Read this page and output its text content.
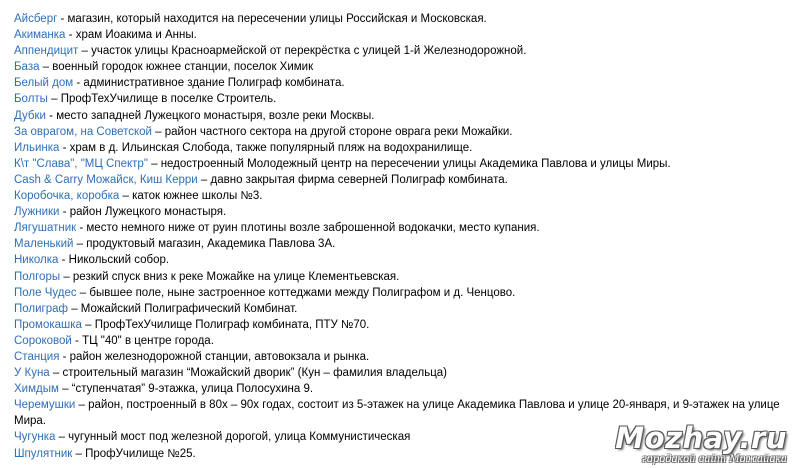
Айсберг - магазин, который находится на пересечении улицы Российская и Московская.
Акиманка - храм Иоакима и Анны.
Аппендицит – участок улицы Красноармейской от перекрёстка с улицей 1-й Железнодорожной.
База – военный городок южнее станции, поселок Химик
Белый дом - административное здание Полиграф комбината.
Болты – ПрофТехУчилище в поселке Строитель.
Дубки - место западней Лужецкого монастыря, возле реки Москвы.
За оврагом, на Советской – район частного сектора на другой стороне оврага реки Можайки.
Ильинка - храм в д. Ильинская Слобода, также популярный пляж на водохранилище.
К\т "Слава", "МЦ Спектр" – недостроенный Молодежный центр на пересечении улицы Академика Павлова и улицы Миры.
Cash & Carry Можайск, Киш Керри – давно закрытая фирма северней Полиграф комбината.
Коробочка, коробка – каток южнее школы №3.
Лужники - район Лужецкого монастыря.
Лягушатник - место немного ниже от руин плотины возле заброшенной водокачки, место купания.
Маленький – продуктовый магазин, Академика Павлова 3А.
Николка - Никольский собор.
Полгоры – резкий спуск вниз к реке Можайке на улице Клементьевская.
Поле Чудес – бывшее поле, ныне застроенное коттеджами между Полиграфом и д. Ченцово.
Полиграф – Можайский Полиграфический Комбинат.
Промокашка – ПрофТехУчилище Полиграф комбината, ПТУ №70.
Сороковой - ТЦ "40" в центре города.
Станция - район железнодорожной станции, автовокзала и рынка.
У Куна – строительный магазин “Можайский дворик” (Кун – фамилия владельца)
Химдым – “ступенчатая” 9-этажка, улица Полосухина 9.
Черемушки – район, построенный в 80х – 90х годах, состоит из 5-этажек на улице Академика Павлова и улице 20-января, и 9-этажек на улице Мира.
Чугунка – чугунный мост под железной дорогой, улица Коммунистическая
Шпулятник – ПрофУчилище №25.	Mozhay.ru
городской сайт Можайска
